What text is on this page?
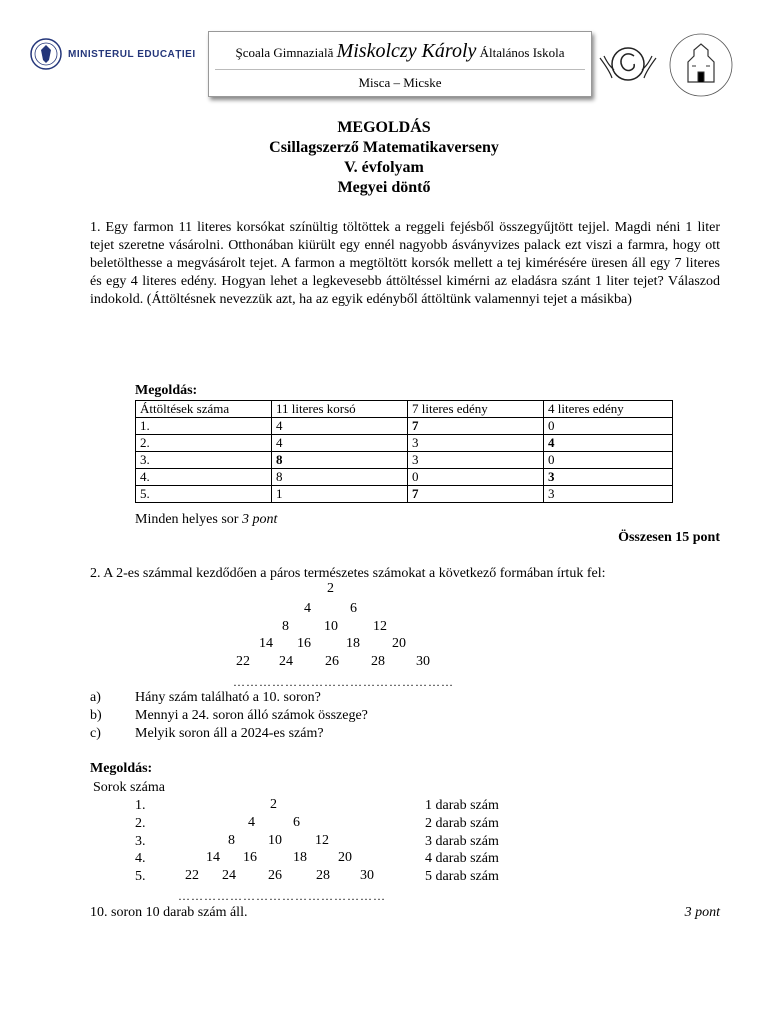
MINISTERUL EDUCAȚIEI	Şcoala Gimnazială Miskolczy Károly Általános Iskola
Misca – Micske
MEGOLDÁS
Csillagszerző Matematikaverseny
V. évfolyam
Megyei döntő
1. Egy farmon 11 literes korsókat színültig töltöttek a reggeli fejésből összegyűjtött tejjel. Magdi néni 1 liter tejet szeretne vásárolni. Otthonában kiürült egy ennél nagyobb ásványvizes palack ezt viszi a farmra, hogy ott beletölthesse a megvásárolt tejet. A farmon a megtöltött korsók mellett a tej kimérésére üresen áll egy 7 literes és egy 4 literes edény. Hogyan lehet a legkevesebb áttöltéssel kimérni az eladásra szánt 1 liter tejet? Válaszod indokold. (Áttöltésnek nevezzük azt, ha az egyik edényből áttöltünk valamennyi tejet a másikba)
Megoldás:
Áttöltések száma	11 literes korsó	7 literes edény	4 literes edény
1.	4	7	0
2.	4	3	4
3.	8	3	0
4.	8	0	3
5.	1	7	3
Minden helyes sor 3 pont
Összesen 15 pont
2. A 2-es számmal kezdődően a páros természetes számokat a következő formában írtuk fel:
2
4	6
8	10	12
14 16	18 20
22 24 26 28 30
……………………………………………
a) Hány szám található a 10. soron?
b) Mennyi a 24. soron álló számok összege?
c) Melyik soron áll a 2024-es szám?
Megoldás:
Sorok száma
1.	2	1 darab szám
2.	4	6	2 darab szám
3.	8 10 12	3 darab szám
4.	14 16	18 20	4 darab szám
5.	22 24 26 28 30	5 darab szám
…………………………………………
10. soron 10 darab szám áll.	3 pont
